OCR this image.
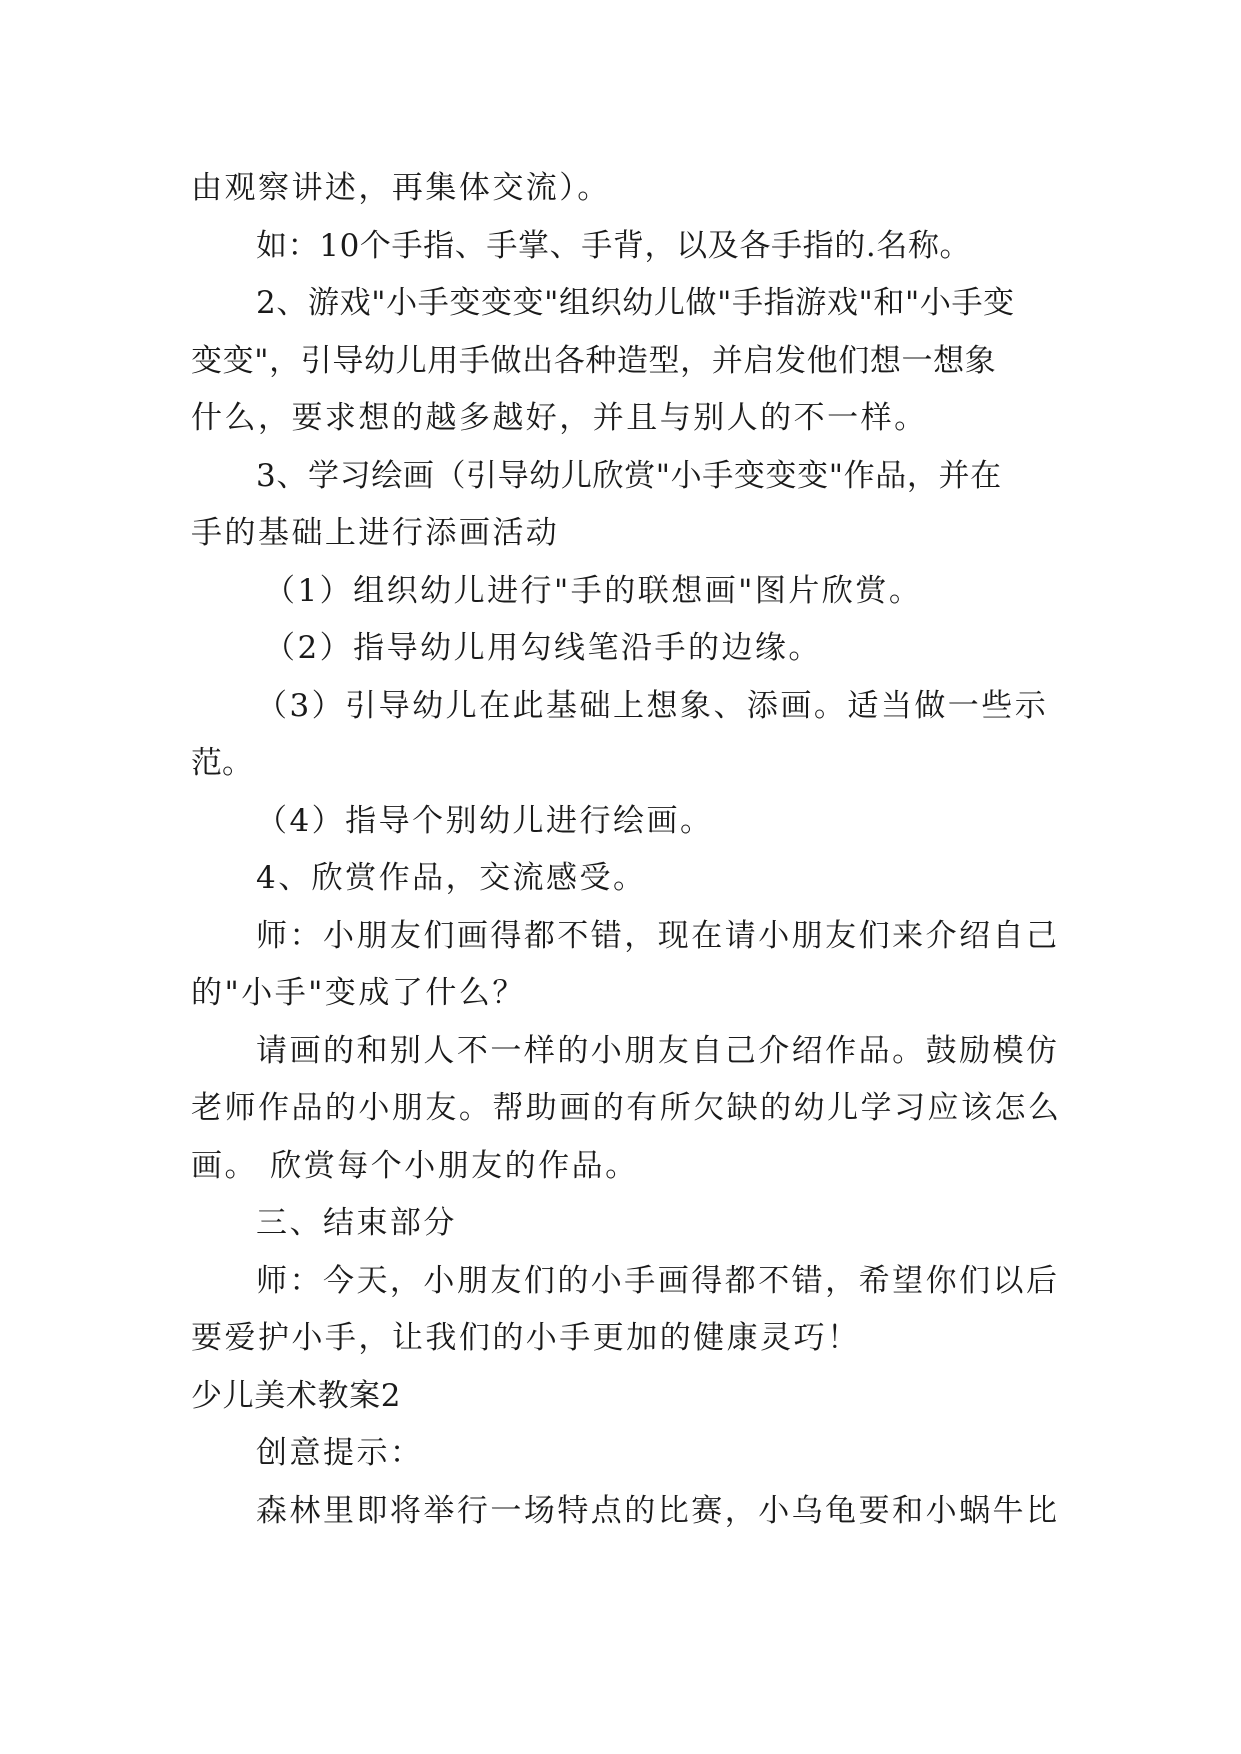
由观察讲述，再集体交流）。
如：10个手指、手掌、手背，以及各手指的.名称。
2、游戏"小手变变变"组织幼儿做"手指游戏"和"小手变
变变"，引导幼儿用手做出各种造型，并启发他们想一想象
什么，要求想的越多越好，并且与别人的不一样。
3、学习绘画（引导幼儿欣赏"小手变变变"作品，并在
手的基础上进行添画活动
（1）组织幼儿进行"手的联想画"图片欣赏。
（2）指导幼儿用勾线笔沿手的边缘。
（3）引导幼儿在此基础上想象、添画。适当做一些示
范。
（4）指导个别幼儿进行绘画。
4、欣赏作品，交流感受。
师：小朋友们画得都不错，现在请小朋友们来介绍自己
的"小手"变成了什么？
请画的和别人不一样的小朋友自己介绍作品。鼓励模仿
老师作品的小朋友。帮助画的有所欠缺的幼儿学习应该怎么
画。 欣赏每个小朋友的作品。
三、结束部分
师：今天，小朋友们的小手画得都不错，希望你们以后
要爱护小手，让我们的小手更加的健康灵巧！
少儿美术教案2
创意提示：
森林里即将举行一场特点的比赛，小乌龟要和小蜗牛比
